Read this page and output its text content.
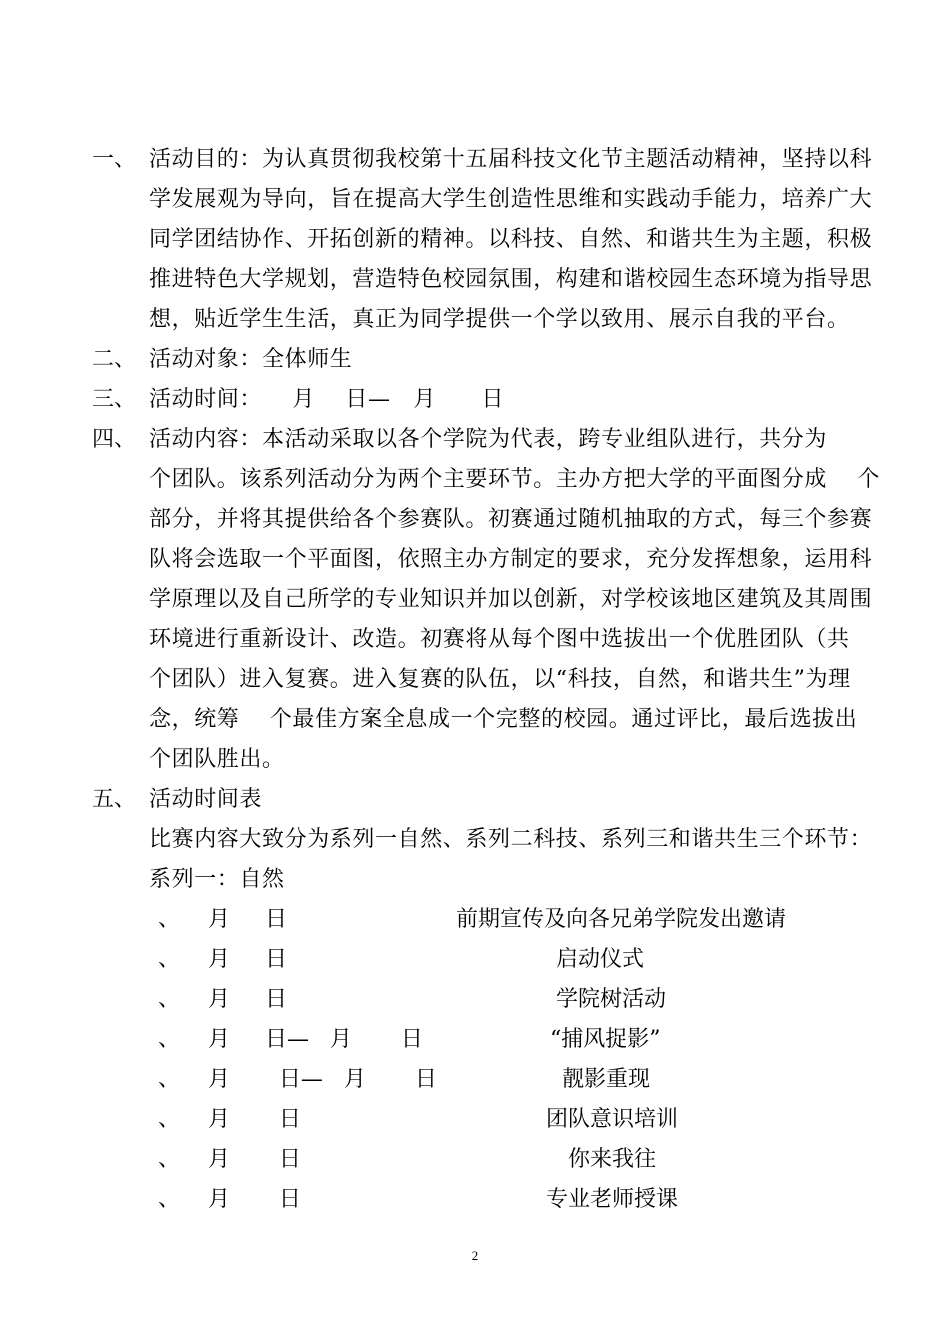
一、 活动目的：为认真贯彻我校第十五届科技文化节主题活动精神，坚持以科
学发展观为导向，旨在提高大学生创造性思维和实践动手能力，培养广大
同学团结协作、开拓创新的精神。以科技、自然、和谐共生为主题，积极
推进特色大学规划，营造特色校园氛围，构建和谐校园生态环境为指导思
想，贴近学生生活，真正为同学提供一个学以致用、展示自我的平台。
二、 活动对象：全体师生
三、 活动时间：    月    日—   月      日
四、 活动内容：本活动采取以各个学院为代表，跨专业组队进行，共分为
个团队。该系列活动分为两个主要环节。主办方把大学的平面图分成    个
部分，并将其提供给各个参赛队。初赛通过随机抽取的方式，每三个参赛
队将会选取一个平面图，依照主办方制定的要求，充分发挥想象，运用科
学原理以及自己所学的专业知识并加以创新，对学校该地区建筑及其周围
环境进行重新设计、改造。初赛将从每个图中选拔出一个优胜团队（共
个团队）进入复赛。进入复赛的队伍，以“科技，自然，和谐共生”为理
念，统筹    个最佳方案全息成一个完整的校园。通过评比，最后选拔出
个团队胜出。
五、 活动时间表
比赛内容大致分为系列一自然、系列二科技、系列三和谐共生三个环节：
系列一：自然
、    月     日	前期宣传及向各兄弟学院发出邀请
、    月     日	启动仪式
、    月     日	学院树活动
、    月     日—   月       日	“捕风捉影”
、    月       日—   月       日	靓影重现
、    月       日	团队意识培训
、    月       日	你来我往
、    月       日	专业老师授课
2
